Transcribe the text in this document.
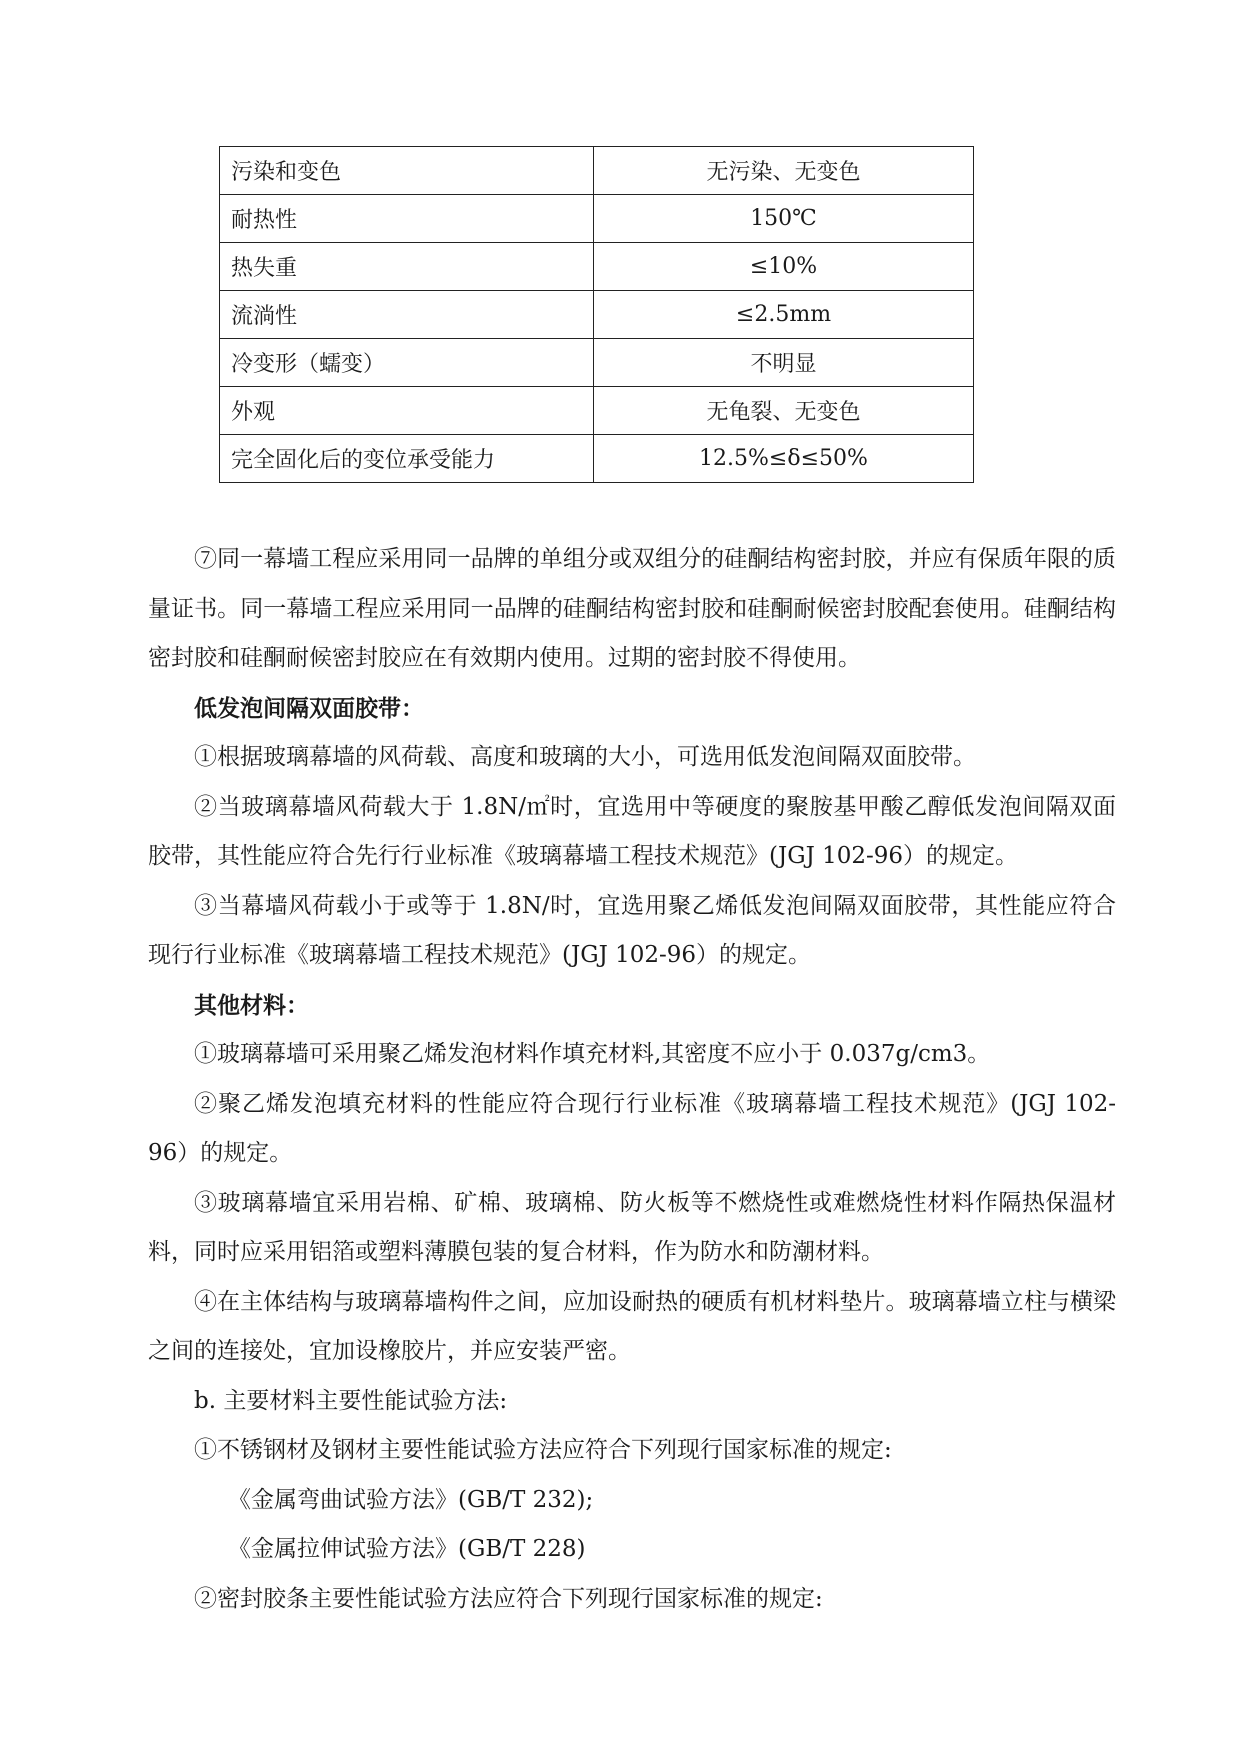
污染和变色	无污染、无变色
耐热性	150℃
热失重	≤10%
流淌性	≤2.5mm
冷变形（蠕变）	不明显
外观	无龟裂、无变色
完全固化后的变位承受能力	12.5%≤δ≤50%

⑦同一幕墙工程应采用同一品牌的单组分或双组分的硅酮结构密封胶，并应有保质年限的质量证书。同一幕墙工程应采用同一品牌的硅酮结构密封胶和硅酮耐候密封胶配套使用。硅酮结构密封胶和硅酮耐候密封胶应在有效期内使用。过期的密封胶不得使用。

低发泡间隔双面胶带：

①根据玻璃幕墙的风荷载、高度和玻璃的大小，可选用低发泡间隔双面胶带。

②当玻璃幕墙风荷载大于 1.8N/㎡时，宜选用中等硬度的聚胺基甲酸乙醇低发泡间隔双面胶带，其性能应符合先行行业标准《玻璃幕墙工程技术规范》(JGJ 102-96）的规定。

③当幕墙风荷载小于或等于 1.8N/时，宜选用聚乙烯低发泡间隔双面胶带，其性能应符合现行行业标准《玻璃幕墙工程技术规范》(JGJ 102-96）的规定。

其他材料：

①玻璃幕墙可采用聚乙烯发泡材料作填充材料,其密度不应小于 0.037g/cm3。

②聚乙烯发泡填充材料的性能应符合现行行业标准《玻璃幕墙工程技术规范》(JGJ 102-96）的规定。

③玻璃幕墙宜采用岩棉、矿棉、玻璃棉、防火板等不燃烧性或难燃烧性材料作隔热保温材料，同时应采用铝箔或塑料薄膜包装的复合材料，作为防水和防潮材料。

④在主体结构与玻璃幕墙构件之间，应加设耐热的硬质有机材料垫片。玻璃幕墙立柱与横梁之间的连接处，宜加设橡胶片，并应安装严密。

b. 主要材料主要性能试验方法:

①不锈钢材及钢材主要性能试验方法应符合下列现行国家标准的规定:

《金属弯曲试验方法》(GB/T 232);

《金属拉伸试验方法》(GB/T 228)

②密封胶条主要性能试验方法应符合下列现行国家标准的规定:
